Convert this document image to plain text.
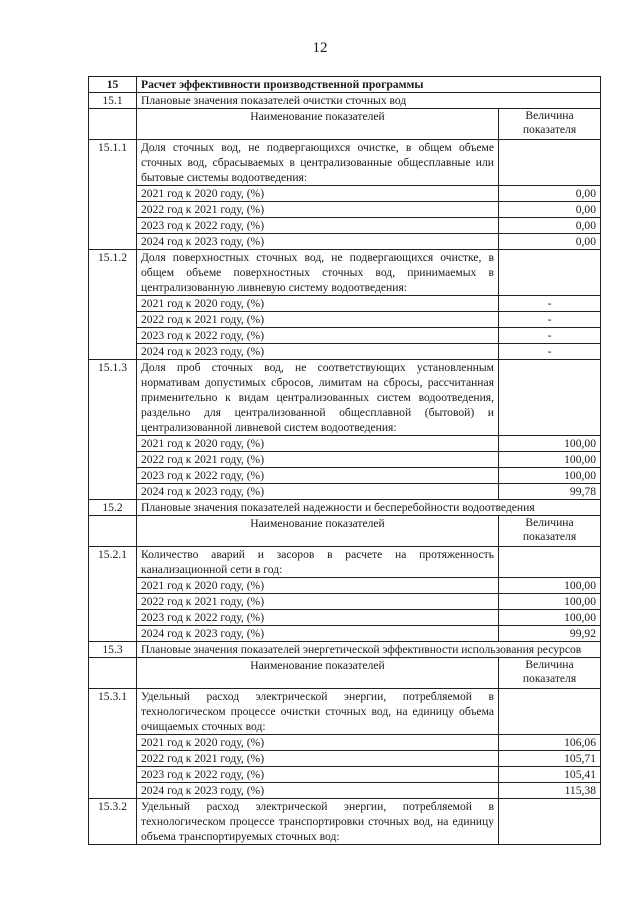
12
15	Расчет эффективности производственной программы	
15.1	Плановые значения показателей очистки сточных вод	
	Наименование показателей	Величина
показателя
15.1.1	Доля сточных вод, не подвергающихся очистке, в общем объеме сточных вод, сбрасываемых в централизованные общесплавные или бытовые системы водоотведения:	
	2021 год к 2020 году, (%)	0,00
	2022 год к 2021 году, (%)	0,00
	2023 год к 2022 году, (%)	0,00
	2024 год к 2023 году, (%)	0,00
15.1.2	Доля поверхностных сточных вод, не подвергающихся очистке, в общем объеме поверхностных сточных вод, принимаемых в централизованную ливневую систему водоотведения:	
	2021 год к 2020 году, (%)	-
	2022 год к 2021 году, (%)	-
	2023 год к 2022 году, (%)	-
	2024 год к 2023 году, (%)	-
15.1.3	Доля проб сточных вод, не соответствующих установленным нормативам допустимых сбросов, лимитам на сбросы, рассчитанная применительно к видам централизованных систем водоотведения, раздельно для централизованной общесплавной (бытовой) и централизованной ливневой систем водоотведения:	
	2021 год к 2020 году, (%)	100,00
	2022 год к 2021 году, (%)	100,00
	2023 год к 2022 году, (%)	100,00
	2024 год к 2023 году, (%)	99,78
15.2	Плановые значения показателей надежности и бесперебойности водоотведения	
	Наименование показателей	Величина
показателя
15.2.1	Количество аварий и засоров в расчете на протяженность канализационной сети в год:	
	2021 год к 2020 году, (%)	100,00
	2022 год к 2021 году, (%)	100,00
	2023 год к 2022 году, (%)	100,00
	2024 год к 2023 году, (%)	99,92
15.3	Плановые значения показателей энергетической эффективности использования ресурсов	
	Наименование показателей	Величина
показателя
15.3.1	Удельный расход электрической энергии, потребляемой в технологическом процессе очистки сточных вод, на единицу объема очищаемых сточных вод:	
	2021 год к 2020 году, (%)	106,06
	2022 год к 2021 году, (%)	105,71
	2023 год к 2022 году, (%)	105,41
	2024 год к 2023 году, (%)	115,38
15.3.2	Удельный расход электрической энергии, потребляемой в технологическом процессе транспортировки сточных вод, на единицу объема транспортируемых сточных вод:	
